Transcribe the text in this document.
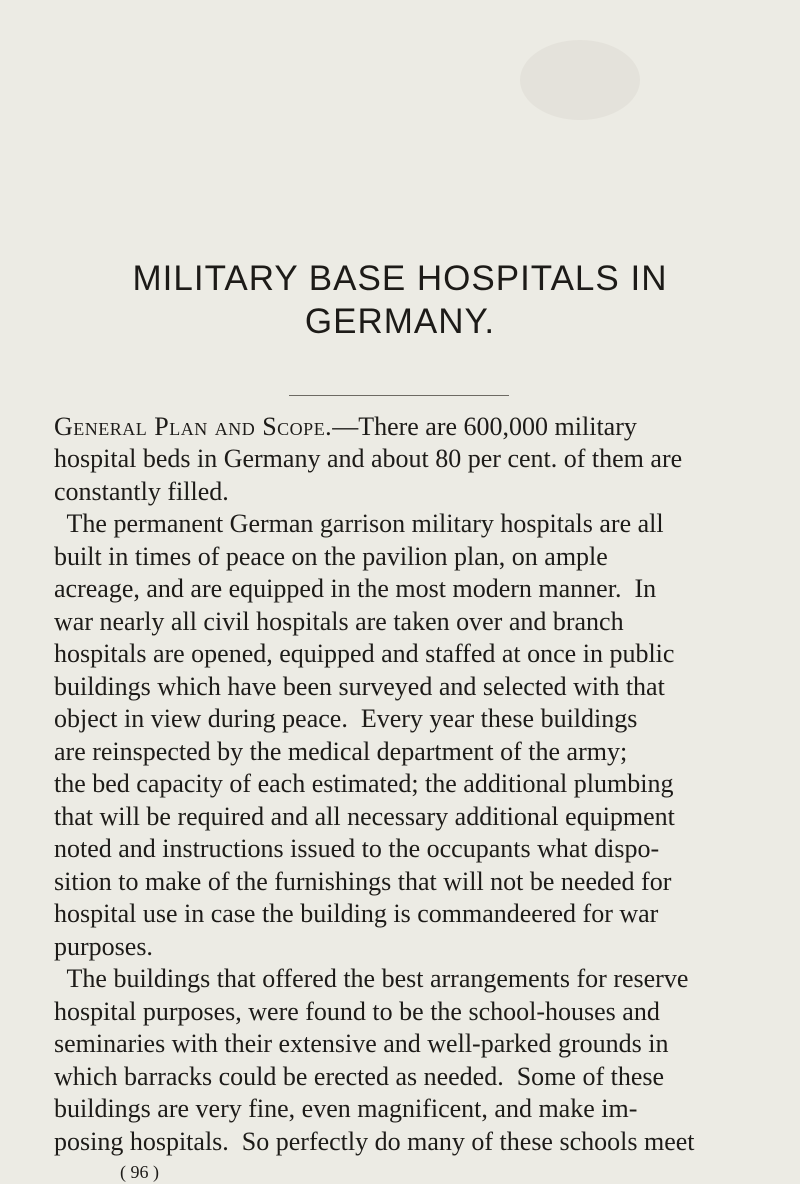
MILITARY BASE HOSPITALS IN
GERMANY.
General Plan and Scope.—There are 600,000 military
hospital beds in Germany and about 80 per cent. of them are
constantly filled.
The permanent German garrison military hospitals are all
built in times of peace on the pavilion plan, on ample
acreage, and are equipped in the most modern manner.  In
war nearly all civil hospitals are taken over and branch
hospitals are opened, equipped and staffed at once in public
buildings which have been surveyed and selected with that
object in view during peace.  Every year these buildings
are reinspected by the medical department of the army;
the bed capacity of each estimated; the additional plumbing
that will be required and all necessary additional equipment
noted and instructions issued to the occupants what dispo-
sition to make of the furnishings that will not be needed for
hospital use in case the building is commandeered for war
purposes.
The buildings that offered the best arrangements for reserve
hospital purposes, were found to be the school-houses and
seminaries with their extensive and well-parked grounds in
which barracks could be erected as needed.  Some of these
buildings are very fine, even magnificent, and make im-
posing hospitals.  So perfectly do many of these schools meet
( 96 )
